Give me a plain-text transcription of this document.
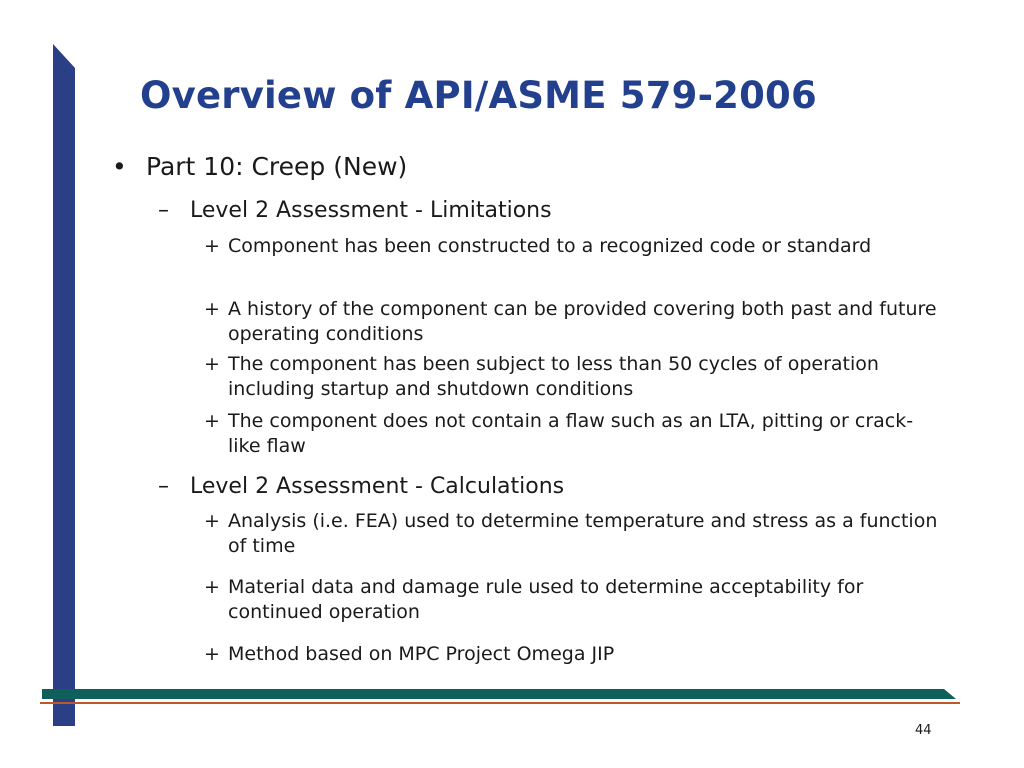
Overview of API/ASME 579-2006
• Part 10: Creep (New)
– Level 2 Assessment - Limitations
+ Component has been constructed to a recognized code or standard
+ A history of the component can be provided covering both past and future operating conditions
+ The component has been subject to less than 50 cycles of operation including startup and shutdown conditions
+ The component does not contain a flaw such as an LTA, pitting or crack-like flaw
– Level 2 Assessment - Calculations
+ Analysis (i.e. FEA) used to determine temperature and stress as a function of time
+ Material data and damage rule used to determine acceptability for continued operation
+ Method based on MPC Project Omega JIP
44
